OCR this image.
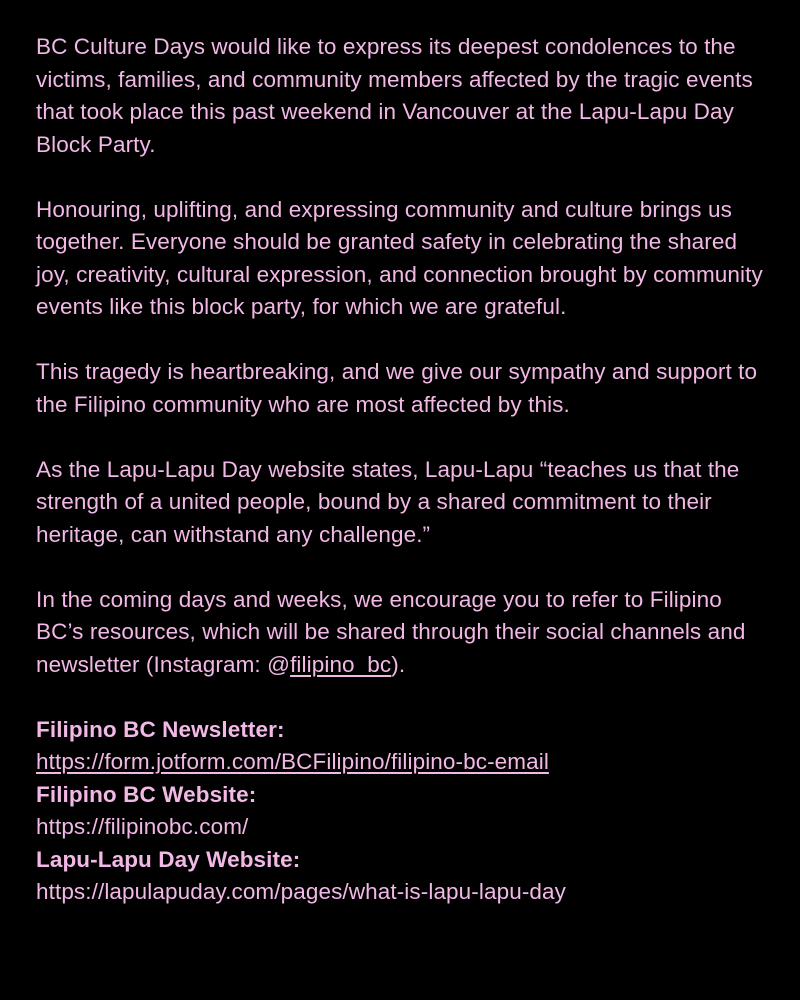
BC Culture Days would like to express its deepest condolences to the victims, families, and community members affected by the tragic events that took place this past weekend in Vancouver at the Lapu-Lapu Day Block Party.

Honouring, uplifting, and expressing community and culture brings us together. Everyone should be granted safety in celebrating the shared joy, creativity, cultural expression, and connection brought by community events like this block party, for which we are grateful.

This tragedy is heartbreaking, and we give our sympathy and support to the Filipino community who are most affected by this.

As the Lapu-Lapu Day website states, Lapu-Lapu “teaches us that the strength of a united people, bound by a shared commitment to their heritage, can withstand any challenge.”

In the coming days and weeks, we encourage you to refer to Filipino BC’s resources, which will be shared through their social channels and newsletter (Instagram: @filipino_bc).

Filipino BC Newsletter:
https://form.jotform.com/BCFilipino/filipino-bc-email
Filipino BC Website:
https://filipinobc.com/
Lapu-Lapu Day Website:
https://lapulapuday.com/pages/what-is-lapu-lapu-day
